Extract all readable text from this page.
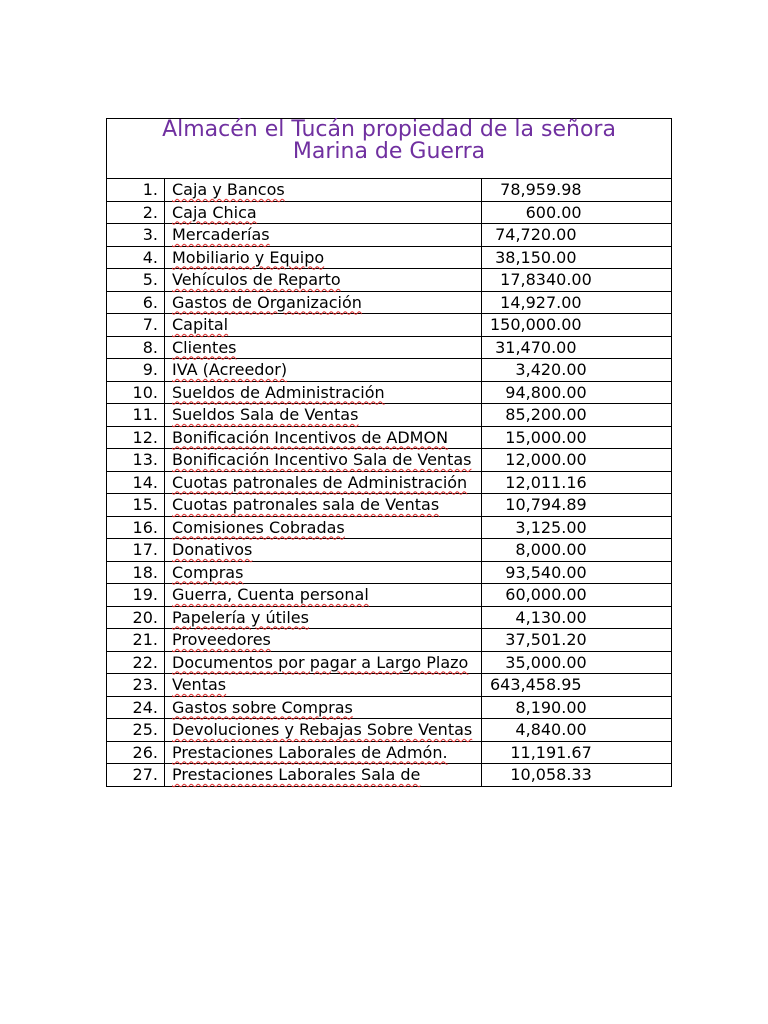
Almacén el Tucán propiedad de la señora
Marina de Guerra		

1.	Caja y Bancos	78,959.98
2.	Caja Chica	600.00
3.	Mercaderías	74,720.00
4.	Mobiliario y Equipo	38,150.00
5.	Vehículos de Reparto	17,8340.00
6.	Gastos de Organización	14,927.00
7.	Capital	150,000.00
8.	Clientes	31,470.00
9.	IVA (Acreedor)	3,420.00
10.	Sueldos de Administración	94,800.00
11.	Sueldos Sala de Ventas	85,200.00
12.	Bonificación Incentivos de ADMON	15,000.00
13.	Bonificación Incentivo Sala de Ventas	12,000.00
14.	Cuotas patronales de Administración	12,011.16
15.	Cuotas patronales sala de Ventas	10,794.89
16.	Comisiones Cobradas	3,125.00
17.	Donativos	8,000.00
18.	Compras	93,540.00
19.	Guerra, Cuenta personal	60,000.00
20.	Papelería y útiles	4,130.00
21.	Proveedores	37,501.20
22.	Documentos por pagar a Largo Plazo	35,000.00
23.	Ventas	643,458.95
24.	Gastos sobre Compras	8,190.00
25.	Devoluciones y Rebajas Sobre Ventas	4,840.00
26.	Prestaciones Laborales de Admón.	11,191.67
27.	Prestaciones Laborales Sala de	10,058.33
